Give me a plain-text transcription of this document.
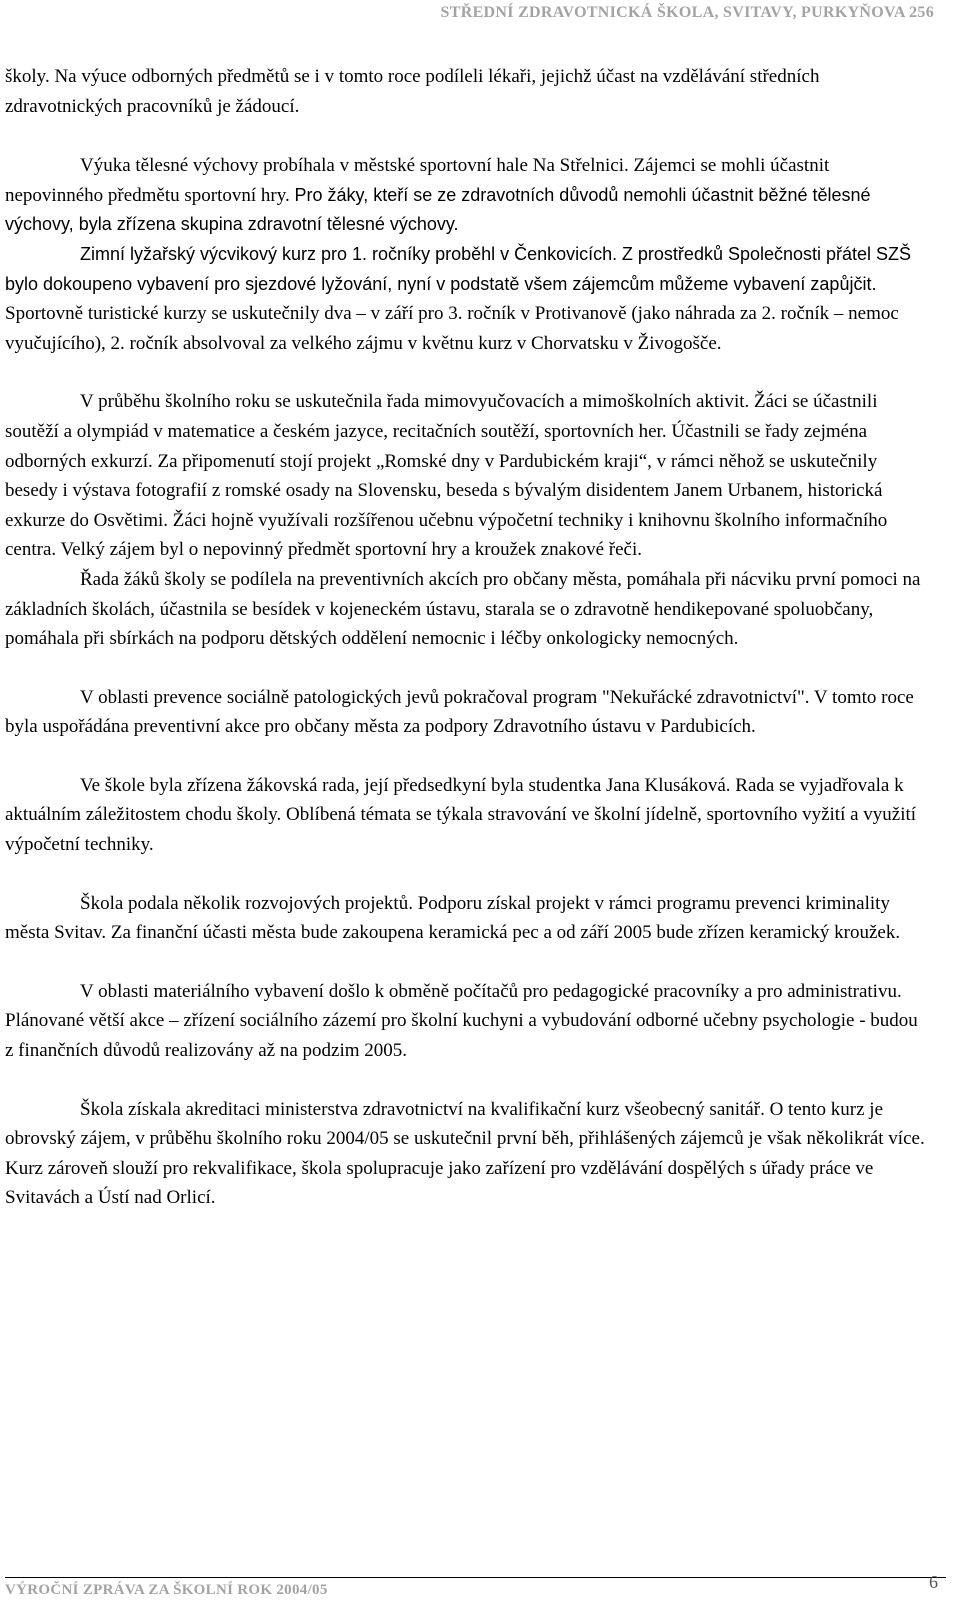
STŘEDNÍ ZDRAVOTNICKÁ ŠKOLA, SVITAVY, PURKYŇOVA 256

školy. Na výuce odborných předmětů se i v tomto roce podíleli lékaři, jejichž účast na vzdělávání středních zdravotnických pracovníků je žádoucí.

Výuka tělesné výchovy probíhala v městské sportovní hale Na Střelnici. Zájemci se mohli účastnit nepovinného předmětu sportovní hry. Pro žáky, kteří se ze zdravotních důvodů nemohli účastnit běžné tělesné výchovy, byla zřízena skupina zdravotní tělesné výchovy.

Zimní lyžařský výcvikový kurz pro 1. ročníky proběhl v Čenkovicích. Z prostředků Společnosti přátel SZŠ bylo dokoupeno vybavení pro sjezdové lyžování, nyní v podstatě všem zájemcům můžeme vybavení zapůjčit. Sportovně turistické kurzy se uskutečnily dva – v září pro 3. ročník v Protivanově (jako náhrada za 2. ročník – nemoc vyučujícího), 2. ročník absolvoval za velkého zájmu v květnu kurz v Chorvatsku v Živogošče.

V průběhu školního roku se uskutečnila řada mimovyučovacích a mimoškolních aktivit. Žáci se účastnili soutěží a olympiád v matematice a českém jazyce, recitačních soutěží, sportovních her. Účastnili se řady zejména odborných exkurzí. Za připomenutí stojí projekt „Romské dny v Pardubickém kraji“, v rámci něhož se uskutečnily besedy i výstava fotografií z romské osady na Slovensku, beseda s bývalým disidentem Janem Urbanem, historická exkurze do Osvětimi. Žáci hojně využívali rozšířenou učebnu výpočetní techniky i knihovnu školního informačního centra. Velký zájem byl o nepovinný předmět sportovní hry a kroužek znakové řeči.

Řada žáků školy se podílela na preventivních akcích pro občany města, pomáhala při nácviku první pomoci na základních školách, účastnila se besídek v kojeneckém ústavu, starala se o zdravotně hendikepované spoluobčany, pomáhala při sbírkách na podporu dětských oddělení nemocnic i léčby onkologicky nemocných.

V oblasti prevence sociálně patologických jevů pokračoval program "Nekuřácké zdravotnictví". V tomto roce byla uspořádána preventivní akce pro občany města za podpory Zdravotního ústavu v Pardubicích.

Ve škole byla zřízena žákovská rada, její předsedkyní byla studentka Jana Klusáková. Rada se vyjadřovala k aktuálním záležitostem chodu školy. Oblíbená témata se týkala stravování ve školní jídelně, sportovního vyžití a využití výpočetní techniky.

Škola podala několik rozvojových projektů. Podporu získal projekt v rámci programu prevenci kriminality města Svitav. Za finanční účasti města bude zakoupena keramická pec a od září 2005 bude zřízen keramický kroužek.

V oblasti materiálního vybavení došlo k obměně počítačů pro pedagogické pracovníky a pro administrativu. Plánované větší akce – zřízení sociálního zázemí pro školní kuchyni a vybudování odborné učebny psychologie - budou z finančních důvodů realizovány až na podzim 2005.

Škola získala akreditaci ministerstva zdravotnictví na kvalifikační kurz všeobecný sanitář. O tento kurz je obrovský zájem, v průběhu školního roku 2004/05 se uskutečnil první běh, přihlášených zájemců je však několikrát více. Kurz zároveň slouží pro rekvalifikace, škola spolupracuje jako zařízení pro vzdělávání dospělých s úřady práce ve Svitavách a Ústí nad Orlicí.

VÝROČNÍ ZPRÁVA ZA ŠKOLNÍ ROK 2004/05	6
